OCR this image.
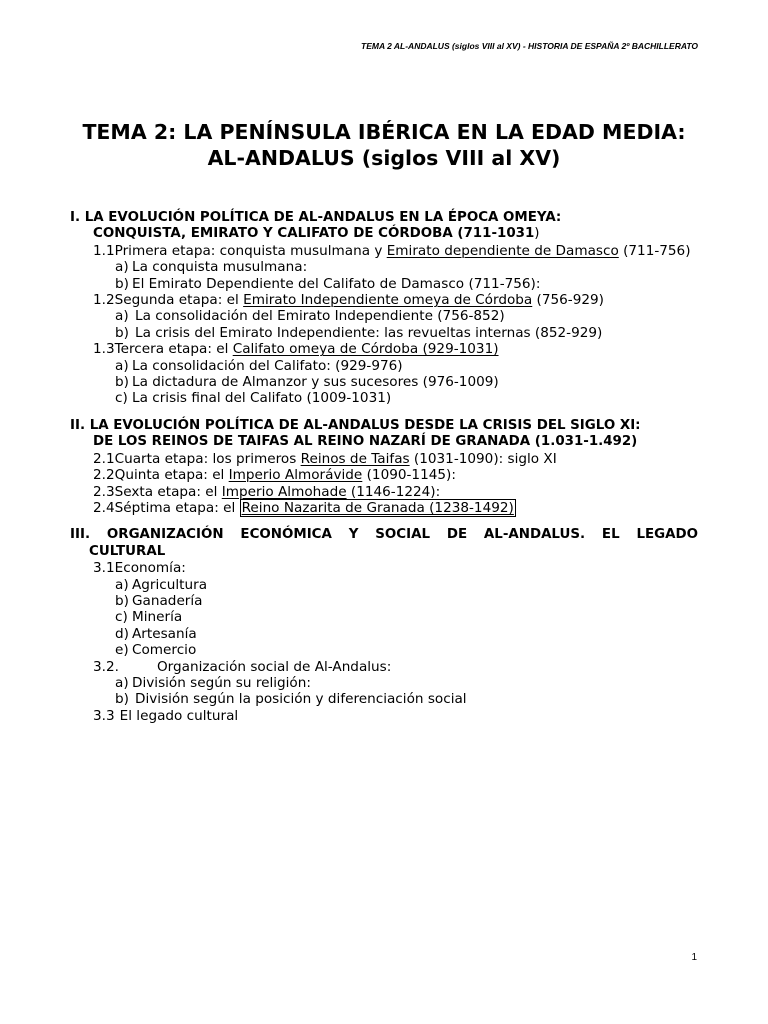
TEMA 2 AL-ANDALUS (siglos VIII al XV) - HISTORIA DE ESPAÑA 2º BACHILLERATO
TEMA 2: LA PENÍNSULA IBÉRICA EN LA EDAD MEDIA:
AL-ANDALUS (siglos VIII al XV)
I. LA EVOLUCIÓN POLÍTICA DE AL-ANDALUS EN LA ÉPOCA OMEYA:
CONQUISTA, EMIRATO Y CALIFATO DE CÓRDOBA (711-1031)
1.1 Primera etapa: conquista musulmana y Emirato dependiente de Damasco (711-756)
a) La conquista musulmana:
b) El Emirato Dependiente del Califato de Damasco (711-756):
1.2 Segunda etapa: el Emirato Independiente omeya de Córdoba (756-929)
a) La consolidación del Emirato Independiente (756-852)
b) La crisis del Emirato Independiente: las revueltas internas (852-929)
1.3 Tercera etapa: el Califato omeya de Córdoba (929-1031)
a) La consolidación del Califato: (929-976)
b) La dictadura de Almanzor y sus sucesores (976-1009)
c) La crisis final del Califato (1009-1031)
II. LA EVOLUCIÓN POLÍTICA DE AL-ANDALUS DESDE LA CRISIS DEL SIGLO XI:
DE LOS REINOS DE TAIFAS AL REINO NAZARÍ DE GRANADA (1.031-1.492)
2.1 Cuarta etapa: los primeros Reinos de Taifas (1031-1090): siglo XI
2.2 Quinta etapa: el Imperio Almorávide (1090-1145):
2.3 Sexta etapa: el Imperio Almohade (1146-1224):
2.4 Séptima etapa: el Reino Nazarita de Granada (1238-1492)
III. ORGANIZACIÓN ECONÓMICA Y SOCIAL DE AL-ANDALUS. EL LEGADO
CULTURAL
3.1 Economía:
a) Agricultura
b) Ganadería
c) Minería
d) Artesanía
e) Comercio
3.2.	Organización social de Al-Andalus:
a) División según su religión:
b) División según la posición y diferenciación social
3.3 El legado cultural
1
